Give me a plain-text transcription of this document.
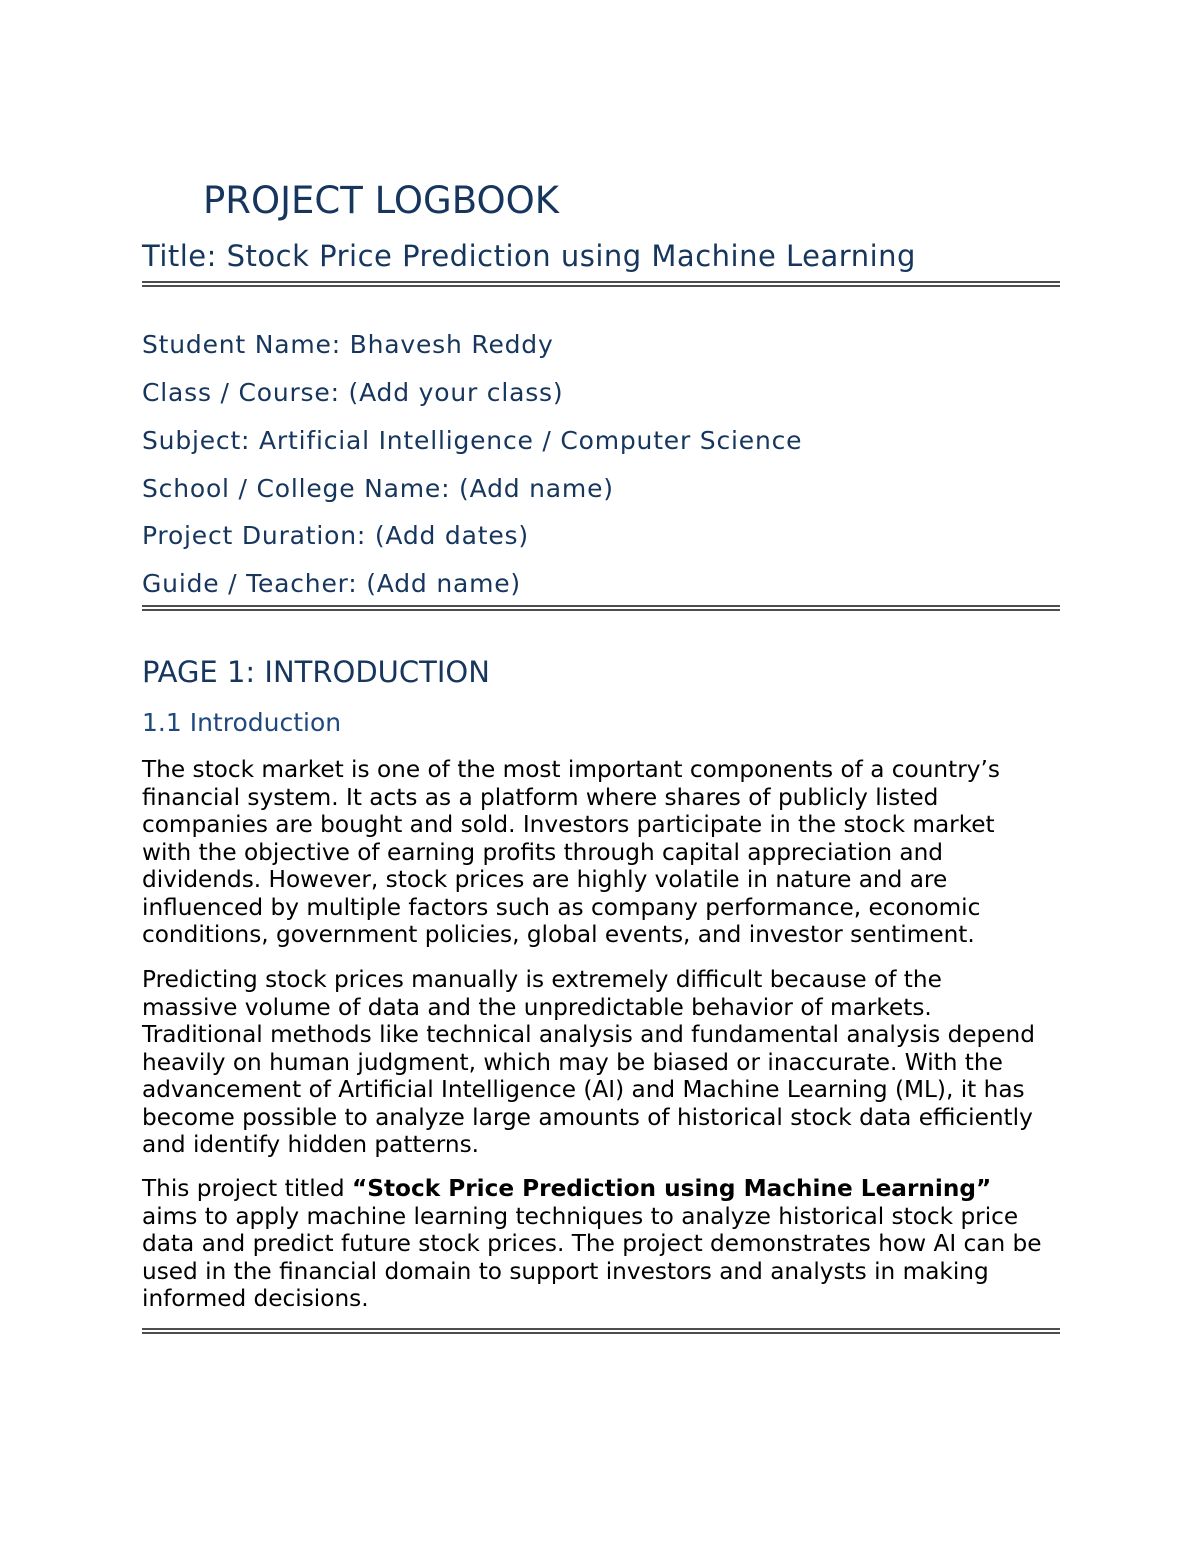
PROJECT LOGBOOK

Title: Stock Price Prediction using Machine Learning

Student Name: Bhavesh Reddy

Class / Course: (Add your class)

Subject: Artificial Intelligence / Computer Science

School / College Name: (Add name)

Project Duration: (Add dates)

Guide / Teacher: (Add name)

PAGE 1: INTRODUCTION
1.1 Introduction

The stock market is one of the most important components of a country’s
financial system. It acts as a platform where shares of publicly listed
companies are bought and sold. Investors participate in the stock market
with the objective of earning profits through capital appreciation and
dividends. However, stock prices are highly volatile in nature and are
influenced by multiple factors such as company performance, economic
conditions, government policies, global events, and investor sentiment.

Predicting stock prices manually is extremely difficult because of the
massive volume of data and the unpredictable behavior of markets.
Traditional methods like technical analysis and fundamental analysis depend
heavily on human judgment, which may be biased or inaccurate. With the
advancement of Artificial Intelligence (AI) and Machine Learning (ML), it has
become possible to analyze large amounts of historical stock data efficiently
and identify hidden patterns.

This project titled “Stock Price Prediction using Machine Learning”
aims to apply machine learning techniques to analyze historical stock price
data and predict future stock prices. The project demonstrates how AI can be
used in the financial domain to support investors and analysts in making
informed decisions.
